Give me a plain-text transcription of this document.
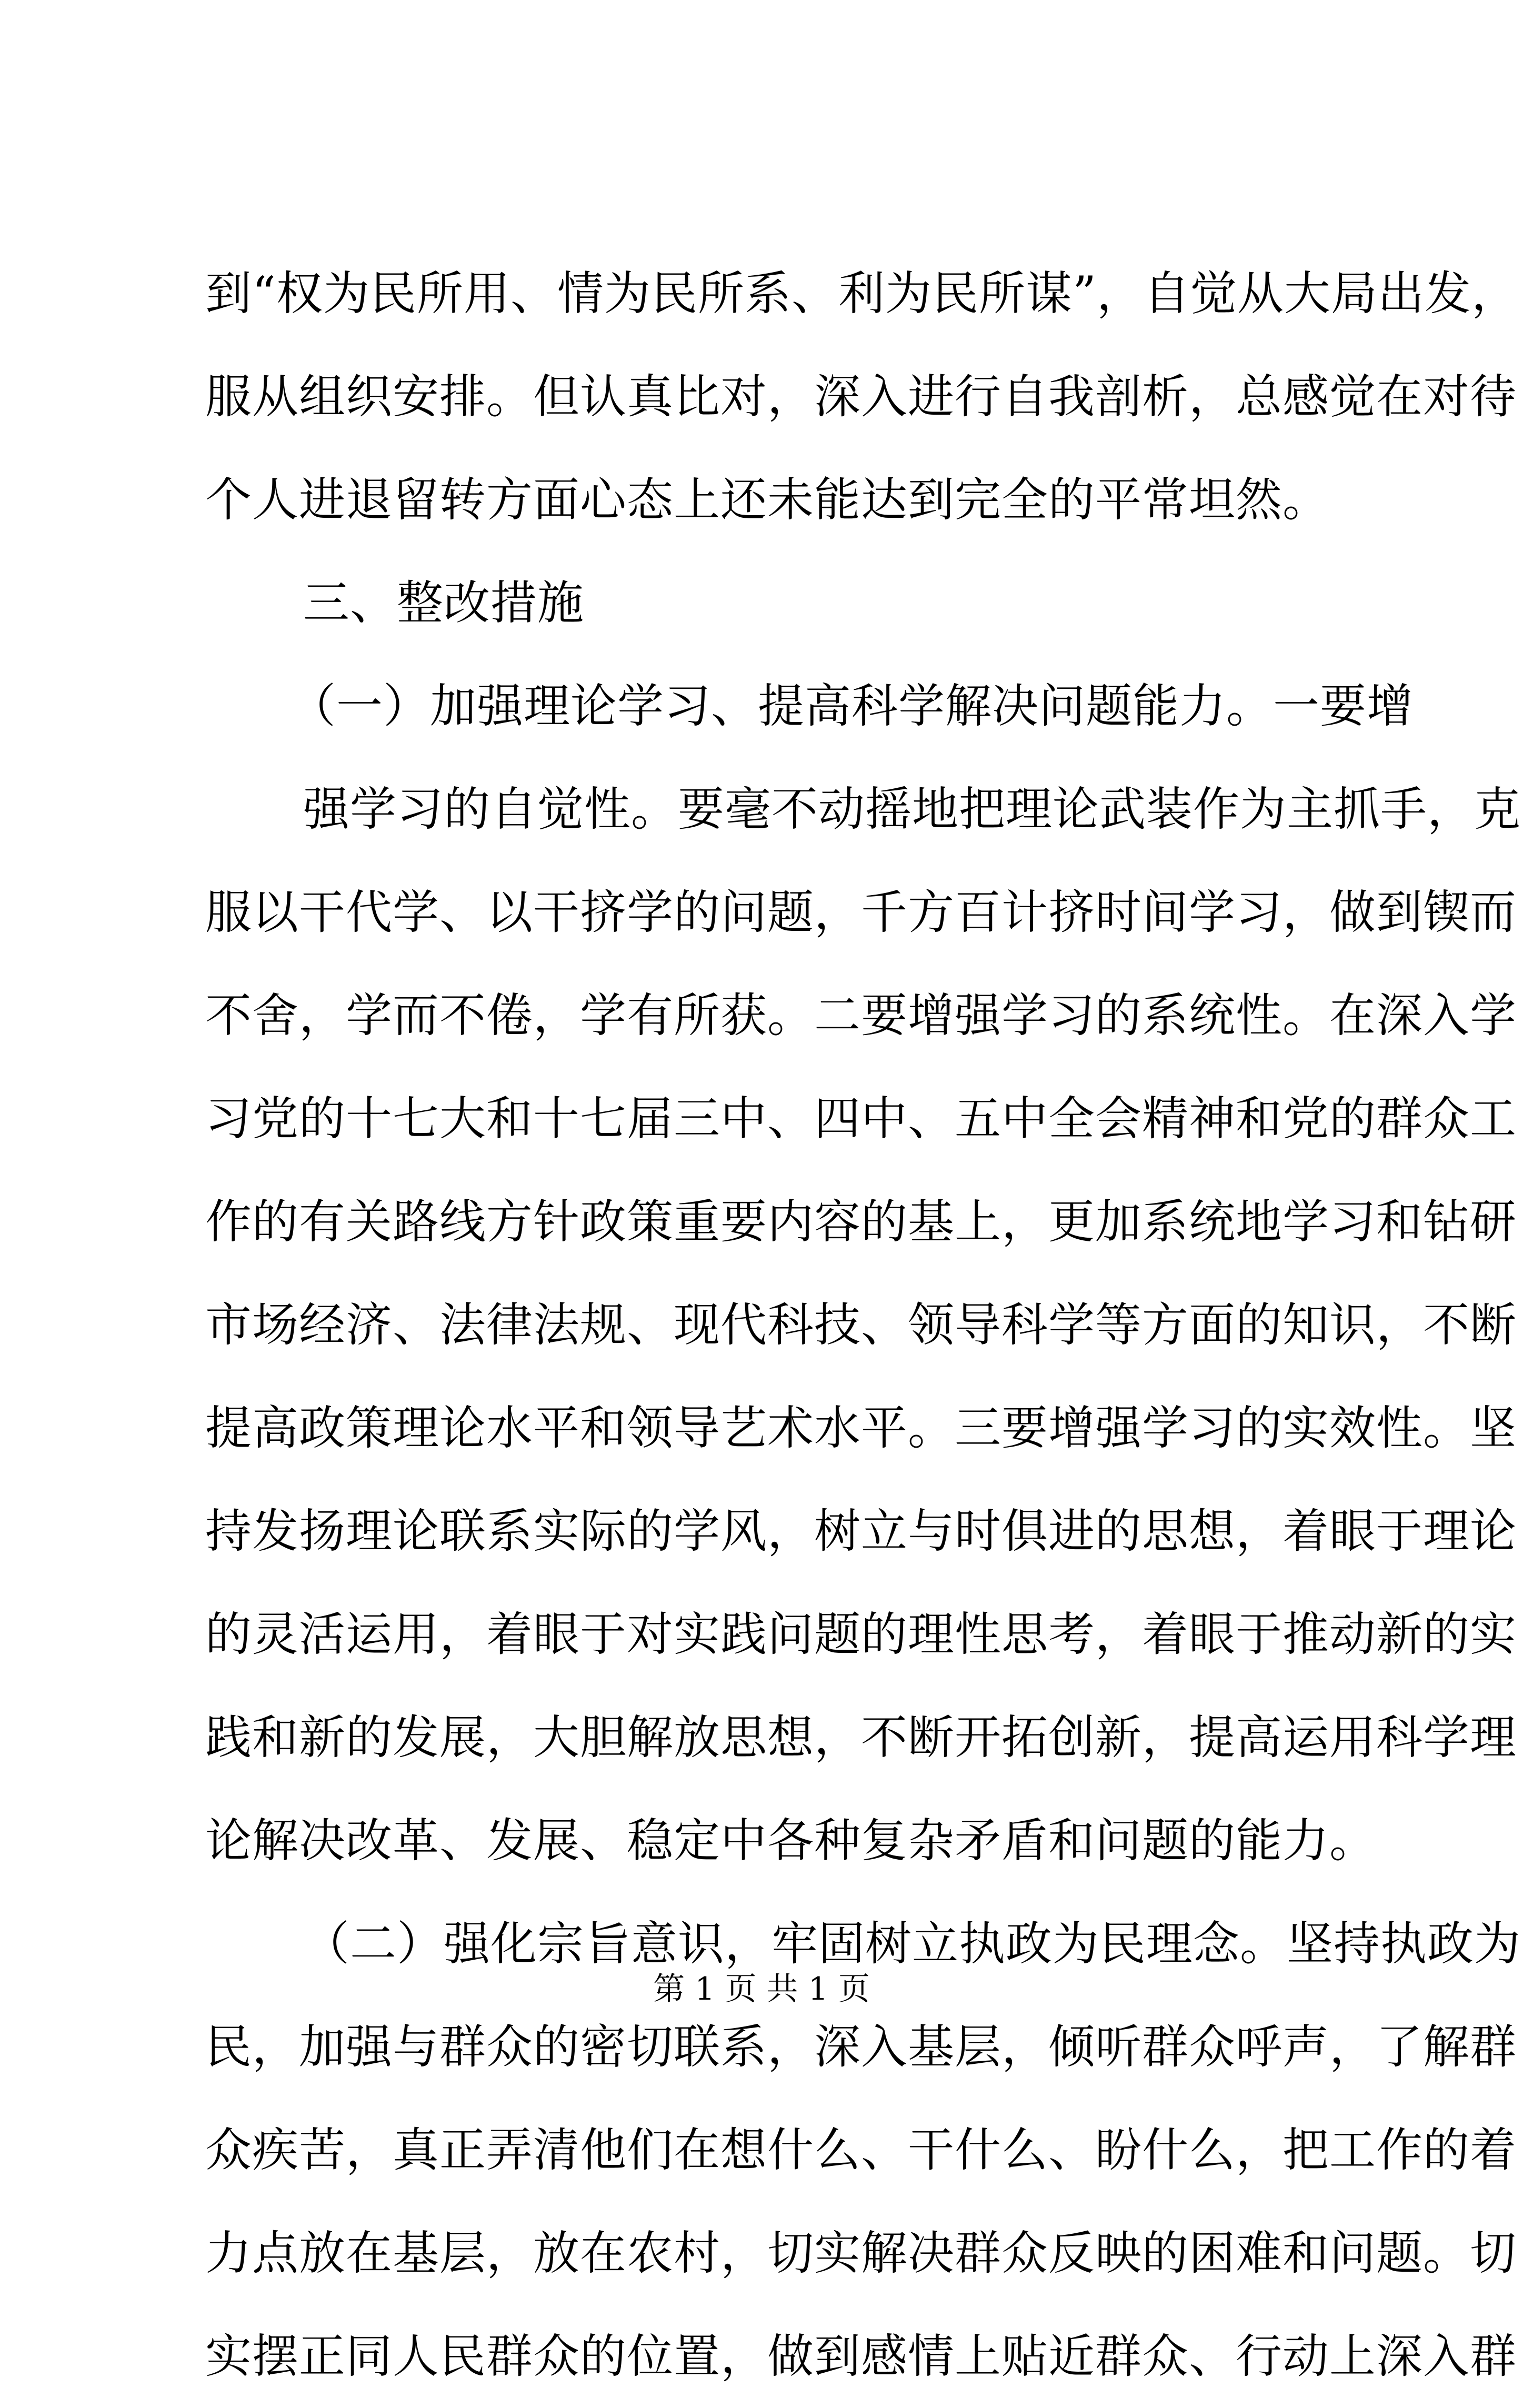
到“权为民所用、情为民所系、利为民所谋”，自觉从大局出发，
服从组织安排。但认真比对，深入进行自我剖析，总感觉在对待
个人进退留转方面心态上还未能达到完全的平常坦然。
三、整改措施
（一）加强理论学习、提高科学解决问题能力。一要增
强学习的自觉性。要毫不动摇地把理论武装作为主抓手，克
服以干代学、以干挤学的问题，千方百计挤时间学习，做到锲而
不舍，学而不倦，学有所获。二要增强学习的系统性。在深入学
习党的十七大和十七届三中、四中、五中全会精神和党的群众工
作的有关路线方针政策重要内容的基上，更加系统地学习和钻研
市场经济、法律法规、现代科技、领导科学等方面的知识，不断
提高政策理论水平和领导艺术水平。三要增强学习的实效性。坚
持发扬理论联系实际的学风，树立与时俱进的思想，着眼于理论
的灵活运用，着眼于对实践问题的理性思考，着眼于推动新的实
践和新的发展，大胆解放思想，不断开拓创新，提高运用科学理
论解决改革、发展、稳定中各种复杂矛盾和问题的能力。
（二）强化宗旨意识，牢固树立执政为民理念。坚持执政为
民，加强与群众的密切联系，深入基层，倾听群众呼声，了解群
众疾苦，真正弄清他们在想什么、干什么、盼什么，把工作的着
力点放在基层，放在农村，切实解决群众反映的困难和问题。切
实摆正同人民群众的位置，做到感情上贴近群众、行动上深入群
第 1 页 共 1 页
